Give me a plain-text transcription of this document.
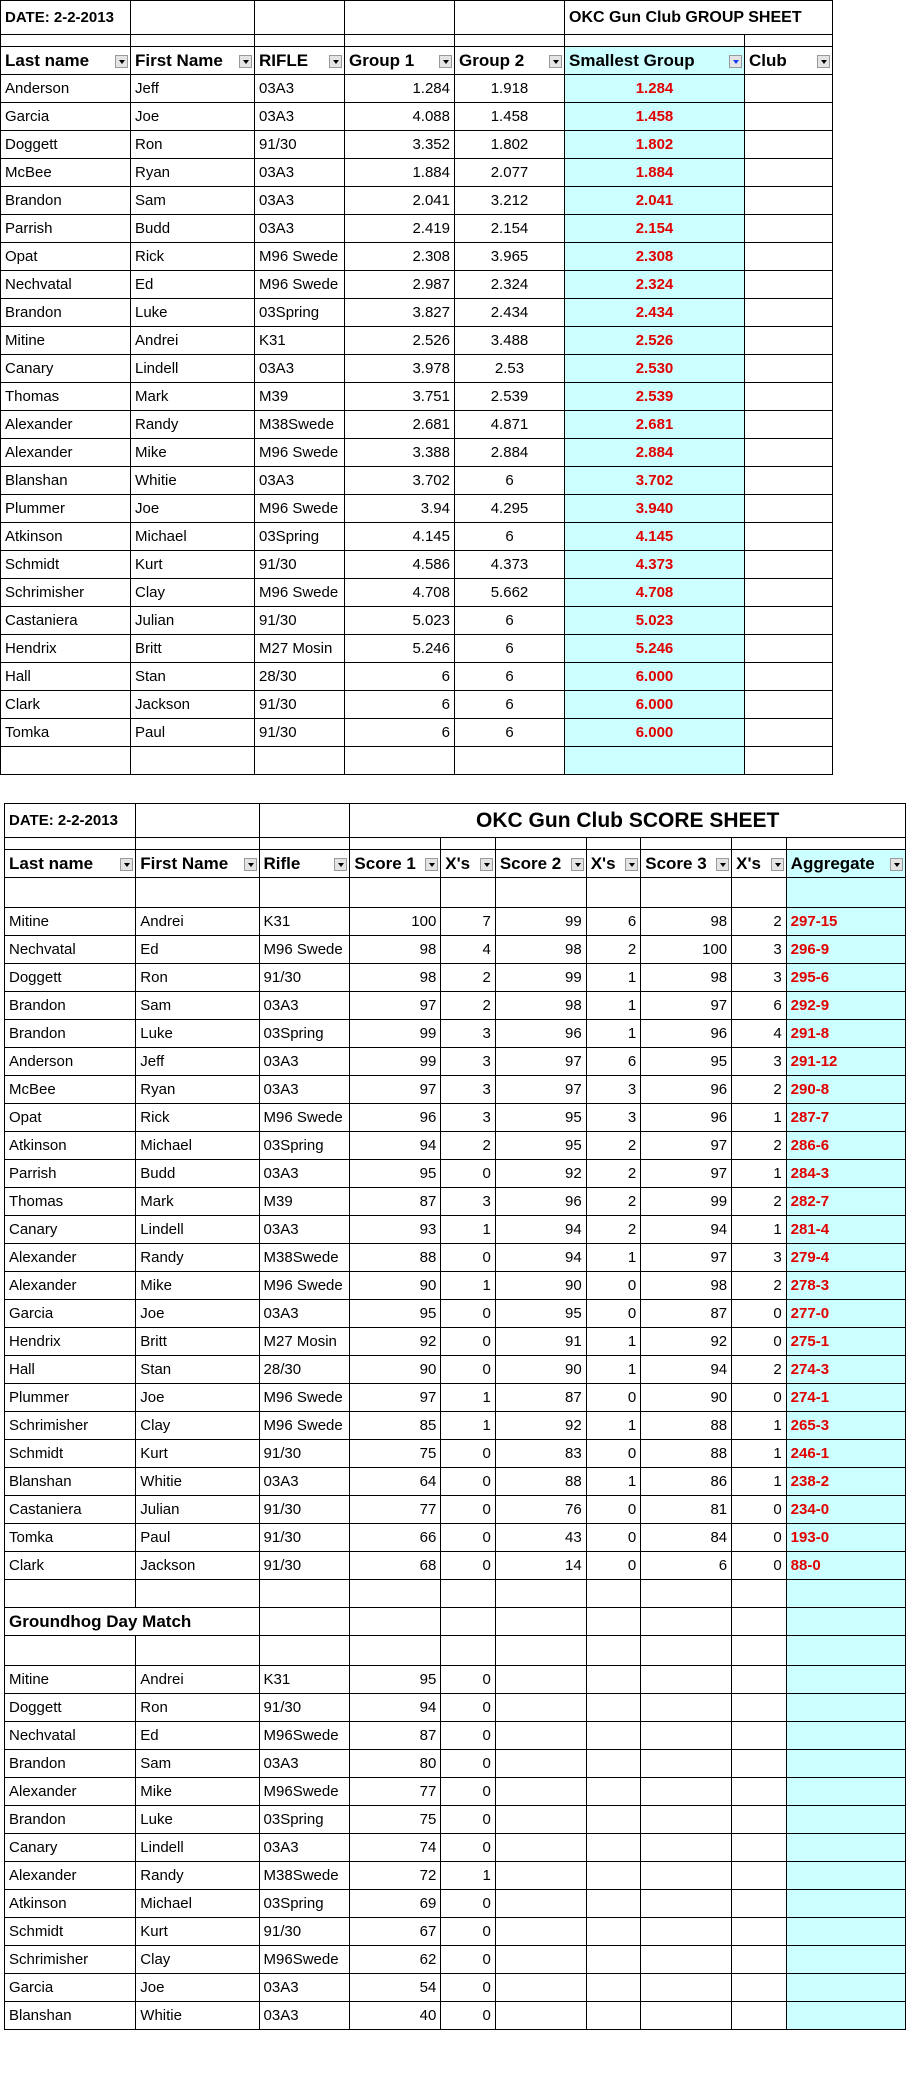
DATE: 2-2-2013					OKC Gun Club GROUP SHEET	

Last name	First Name	RIFLE	Group 1	Group 2	Smallest Group	Club

Anderson	Jeff	03A3	1.284	1.918	1.284	
Garcia	Joe	03A3	4.088	1.458	1.458	
Doggett	Ron	91/30	3.352	1.802	1.802	
McBee	Ryan	03A3	1.884	2.077	1.884	
Brandon	Sam	03A3	2.041	3.212	2.041	
Parrish	Budd	03A3	2.419	2.154	2.154	
Opat	Rick	M96 Swede	2.308	3.965	2.308	
Nechvatal	Ed	M96 Swede	2.987	2.324	2.324	
Brandon	Luke	03Spring	3.827	2.434	2.434	
Mitine	Andrei	K31	2.526	3.488	2.526	
Canary	Lindell	03A3	3.978	2.53	2.530	
Thomas	Mark	M39	3.751	2.539	2.539	
Alexander	Randy	M38Swede	2.681	4.871	2.681	
Alexander	Mike	M96 Swede	3.388	2.884	2.884	
Blanshan	Whitie	03A3	3.702	6	3.702	
Plummer	Joe	M96 Swede	3.94	4.295	3.940	
Atkinson	Michael	03Spring	4.145	6	4.145	
Schmidt	Kurt	91/30	4.586	4.373	4.373	
Schrimisher	Clay	M96 Swede	4.708	5.662	4.708	
Castaniera	Julian	91/30	5.023	6	5.023	
Hendrix	Britt	M27 Mosin	5.246	6	5.246	
Hall	Stan	28/30	6	6	6.000	
Clark	Jackson	91/30	6	6	6.000	
Tomka	Paul	91/30	6	6	6.000	

DATE: 2-2-2013			OKC Gun Club SCORE SHEET						

Last name	First Name	Rifle	Score 1	X's	Score 2	X's	Score 3	X's	Aggregate

Mitine	Andrei	K31	100	7	99	6	98	2	297-15
Nechvatal	Ed	M96 Swede	98	4	98	2	100	3	296-9
Doggett	Ron	91/30	98	2	99	1	98	3	295-6
Brandon	Sam	03A3	97	2	98	1	97	6	292-9
Brandon	Luke	03Spring	99	3	96	1	96	4	291-8
Anderson	Jeff	03A3	99	3	97	6	95	3	291-12
McBee	Ryan	03A3	97	3	97	3	96	2	290-8
Opat	Rick	M96 Swede	96	3	95	3	96	1	287-7
Atkinson	Michael	03Spring	94	2	95	2	97	2	286-6
Parrish	Budd	03A3	95	0	92	2	97	1	284-3
Thomas	Mark	M39	87	3	96	2	99	2	282-7
Canary	Lindell	03A3	93	1	94	2	94	1	281-4
Alexander	Randy	M38Swede	88	0	94	1	97	3	279-4
Alexander	Mike	M96 Swede	90	1	90	0	98	2	278-3
Garcia	Joe	03A3	95	0	95	0	87	0	277-0
Hendrix	Britt	M27 Mosin	92	0	91	1	92	0	275-1
Hall	Stan	28/30	90	0	90	1	94	2	274-3
Plummer	Joe	M96 Swede	97	1	87	0	90	0	274-1
Schrimisher	Clay	M96 Swede	85	1	92	1	88	1	265-3
Schmidt	Kurt	91/30	75	0	83	0	88	1	246-1
Blanshan	Whitie	03A3	64	0	88	1	86	1	238-2
Castaniera	Julian	91/30	77	0	76	0	81	0	234-0
Tomka	Paul	91/30	66	0	43	0	84	0	193-0
Clark	Jackson	91/30	68	0	14	0	6	0	88-0

Groundhog Day Match									

Mitine	Andrei	K31	95	0					
Doggett	Ron	91/30	94	0					
Nechvatal	Ed	M96Swede	87	0					
Brandon	Sam	03A3	80	0					
Alexander	Mike	M96Swede	77	0					
Brandon	Luke	03Spring	75	0					
Canary	Lindell	03A3	74	0					
Alexander	Randy	M38Swede	72	1					
Atkinson	Michael	03Spring	69	0					
Schmidt	Kurt	91/30	67	0					
Schrimisher	Clay	M96Swede	62	0					
Garcia	Joe	03A3	54	0					
Blanshan	Whitie	03A3	40	0					
